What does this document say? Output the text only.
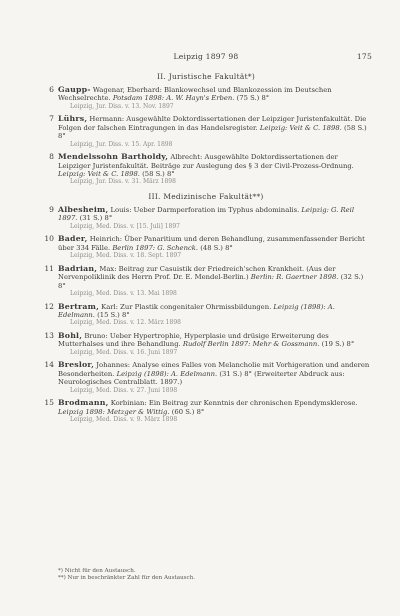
Leipzig 1897 98	175
II. Juristische Fakultät*)
6 Gaupp- Wagenar, Eberhard: Blankowechsel und Blankozession im Deutschen Wechselrechte. Potsdam 1898: A. W. Hayn's Erben. (75 S.) 8°
Leipzig, Jur. Diss. v. 13. Nov. 1897
7 Lührs, Hermann: Ausgewählte Doktordissertationen der Leipziger Juristenfakultät. Die Folgen der falschen Eintragungen in das Handelsregister. Leipzig: Veit & C. 1898. (58 S.) 8°
Leipzig, Jur. Diss. v. 15. Apr. 1898
8 Mendelssohn Bartholdy, Albrecht: Ausgewählte Doktordissertationen der Leipziger Juristenfakultät. Beiträge zur Auslegung des § 3 der Civil-Prozess-Ordnung. Leipzig: Veit & C. 1898. (58 S.) 8°
Leipzig, Jur. Diss. v. 31. März 1898
III. Medizinische Fakultät**)
9 Albesheim, Louis: Ueber Darmperforation im Typhus abdominalis. Leipzig: G. Reil 1897. (31 S.) 8°
Leipzig, Med. Diss. v. [15. Juli] 1897
10 Bader, Heinrich: Über Panaritium und deren Behandlung, zusammenfassender Bericht über 334 Fälle. Berlin 1897: G. Schenck. (48 S.) 8°
Leipzig, Med. Diss. v. 18. Sept. 1897
11 Badrian, Max: Beitrag zur Casuistik der Friedreich'schen Krankheit. (Aus der Nervenpoliklinik des Herrn Prof. Dr. E. Mendel-Berlin.) Berlin: R. Gaertner 1898. (32 S.) 8°
Leipzig, Med. Diss. v. 13. Mai 1898
12 Bertram, Karl: Zur Plastik congenitaler Ohrmissbildungen. Leipzig (1898): A. Edelmann. (15 S.) 8°
Leipzig, Med. Diss. v. 12. März 1898
13 Bohl, Bruno: Ueber Hypertrophie, Hyperplasie und drüsige Erweiterung des Mutterhalses und ihre Behandlung. Rudolf Berlin 1897: Mehr & Gossmann. (19 S.) 8°
Leipzig, Med. Diss. v. 16. Juni 1897
14 Breslor, Johannes: Analyse eines Falles von Melancholie mit Vorhigeration und anderen Besonderheiten. Leipzig (1898): A. Edelmann. (31 S.) 8° (Erweiterter Abdruck aus: Neurologisches Centralblatt. 1897.)
Leipzig, Med. Diss. v. 27. Juni 1898
15 Brodmann, Korbinian: Ein Beitrag zur Kenntnis der chronischen Ependymsklerose. Leipzig 1898: Metzger & Wittig. (60 S.) 8°
Leipzig, Med. Diss. v. 9. März 1898
*) Nicht für den Austausch.
**) Nur in beschränkter Zahl für den Austausch.
